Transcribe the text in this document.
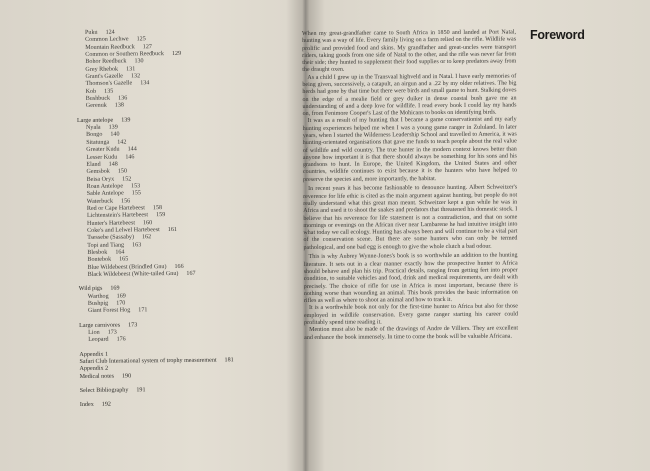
Puku 124
Common Lechwe 125
Mountain Reedbuck 127
Common or Southern Reedbuck 129
Bohor Reedbuck 130
Grey Rhebok 131
Grant's Gazelle 132
Thomson's Gazelle 134
Kob 135
Bushbuck 136
Gerenuk 138
Large antelope 139
Nyala 139
Bongo 140
Sitatunga 142
Greater Kudu 144
Lesser Kudu 146
Eland 148
Gemsbok 150
Beisa Oryx 152
Roan Antelope 153
Sable Antelope 155
Waterbuck 156
Red or Cape Hartebeest 158
Lichtenstein's Hartebeest 159
Hunter's Hartebeest 160
Coke's and Lelwel Hartebeest 161
Tsessebe (Sassaby) 162
Topi and Tiang 163
Blesbok 164
Bontebok 165
Blue Wildebeest (Brindled Gnu) 166
Black Wildebeest (White-tailed Gnu) 167
Wild pigs 169
Warthog 169
Bushpig 170
Giant Forest Hog 171
Large carnivores 173
Lion 173
Leopard 176
Appendix 1
Safari Club International system of trophy measurement 181
Appendix 2
Medical notes 190
Select Bibliography 191
Index 192
Foreword

When my great-grandfather came to South Africa in 1850 and landed at Port Natal, hunting was a way of life. Every family living on a farm relied on the rifle. Wildlife was prolific and provided food and skins. My grandfather and great-uncles were transport riders, taking goods from one side of Natal to the other, and the rifle was never far from their side; they hunted to supplement their food supplies or to keep predators away from the draught oxen.

As a child I grew up in the Transvaal highveld and in Natal. I have early memories of being given, successively, a catapult, an airgun and a .22 by my older relatives. The big herds had gone by that time but there were birds and small game to hunt. Stalking doves on the edge of a mealie field or grey duiker in dense coastal bush gave me an understanding of and a deep love for wildlife. I read every book I could lay my hands on, from Fenimore Cooper's Last of the Mohicans to books on identifying birds.

It was as a result of my hunting that I became a game conservationist and my early hunting experiences helped me when I was a young game ranger in Zululand. In later years, when I started the Wilderness Leadership School and travelled to America, it was hunting-orientated organisations that gave me funds to teach people about the real value of wildlife and wild country. The true hunter in the modern context knows better than anyone how important it is that there should always be something for his sons and his grandsons to hunt. In Europe, the United Kingdom, the United States and other countries, wildlife continues to exist because it is the hunters who have helped to preserve the species and, more importantly, the habitat.

In recent years it has become fashionable to denounce hunting. Albert Schweitzer's reverence for life ethic is cited as the main argument against hunting, but people do not really understand what this great man meant. Schweitzer kept a gun while he was in Africa and used it to shoot the snakes and predators that threatened his domestic stock. I believe that his reverence for life statement is not a contradiction, and that on some mornings or evenings on the African river near Lambarene he had intuitive insight into what today we call ecology. Hunting has always been and will continue to be a vital part of the conservation scene. But there are some hunters who can only be termed pathological, and one bad egg is enough to give the whole clutch a bad odour.

This is why Aubrey Wynne-Jones's book is so worthwhile an addition to the hunting literature. It sets out in a clear manner exactly how the prospective hunter to Africa should behave and plan his trip. Practical details, ranging from getting fert into proper condition, to suitable vehicles and food, drink and medical requirements, are dealt with precisely. The choice of rifle for use in Africa is most important, because there is nothing worse than wounding an animal. This book provides the basic information on rifles as well as where to shoot an animal and how to track it.

It is a worthwhile book not only for the first-time hunter to Africa but also for those employed in wildlife conservation. Every game ranger starting his career could profitably spend time reading it.

Mention must also be made of the drawings of Andre de Villiers. They are excellent and enhance the book immensely. In time to come the book will be valuable Africana.
